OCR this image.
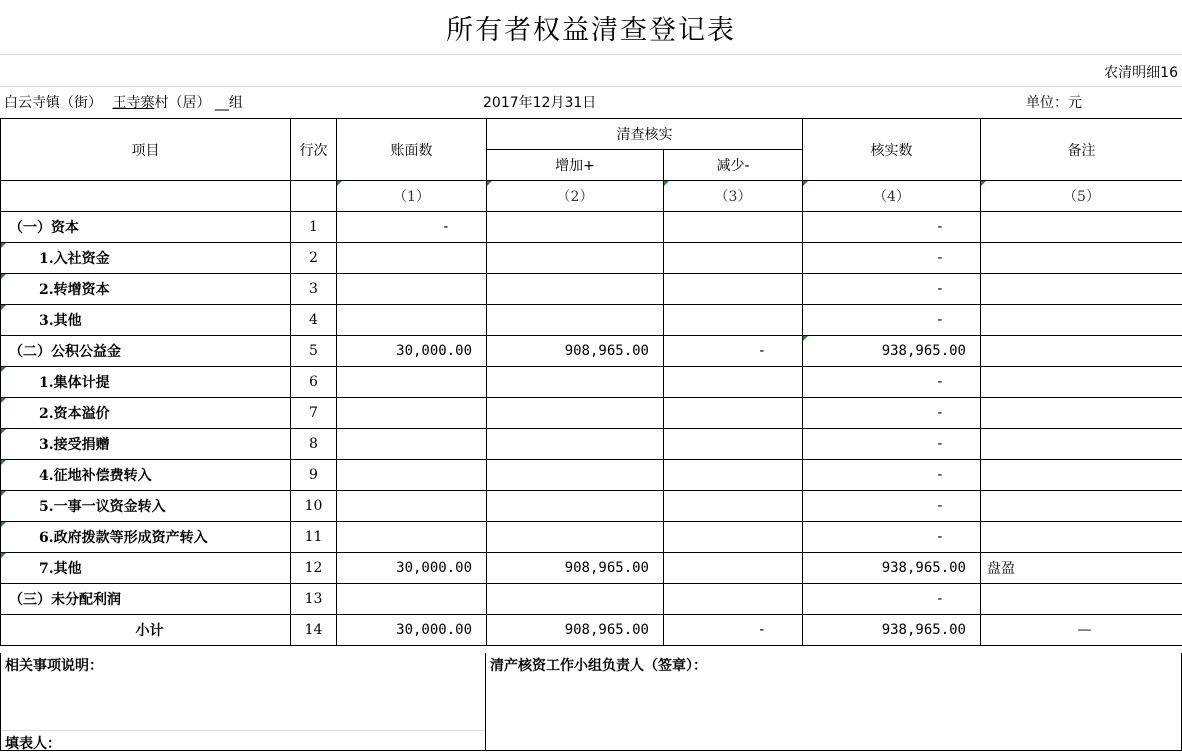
所有者权益清查登记表
农清明细16
白云寺镇（街） 王寺寨村（居） __组	2017年12月31日	单位：元
项目	行次	账面数	清查核实		核实数	备注
			增加+	减少-		
		（1）	（2）	（3）	（4）	（5）
（一）资本	1	-			-	
1.入社资金	2				-	
2.转增资本	3				-	
3.其他	4				-	
（二）公积公益金	5	30,000.00	908,965.00	-	938,965.00	
1.集体计提	6				-	
2.资本溢价	7				-	
3.接受捐赠	8				-	
4.征地补偿费转入	9				-	
5.一事一议资金转入	10				-	
6.政府拨款等形成资产转入	11				-	
7.其他	12	30,000.00	908,965.00		938,965.00	盘盈
（三）未分配利润	13				-	
小计	14	30,000.00	908,965.00	-	938,965.00	—
相关事项说明：
填表人：
清产核资工作小组负责人（签章）：
